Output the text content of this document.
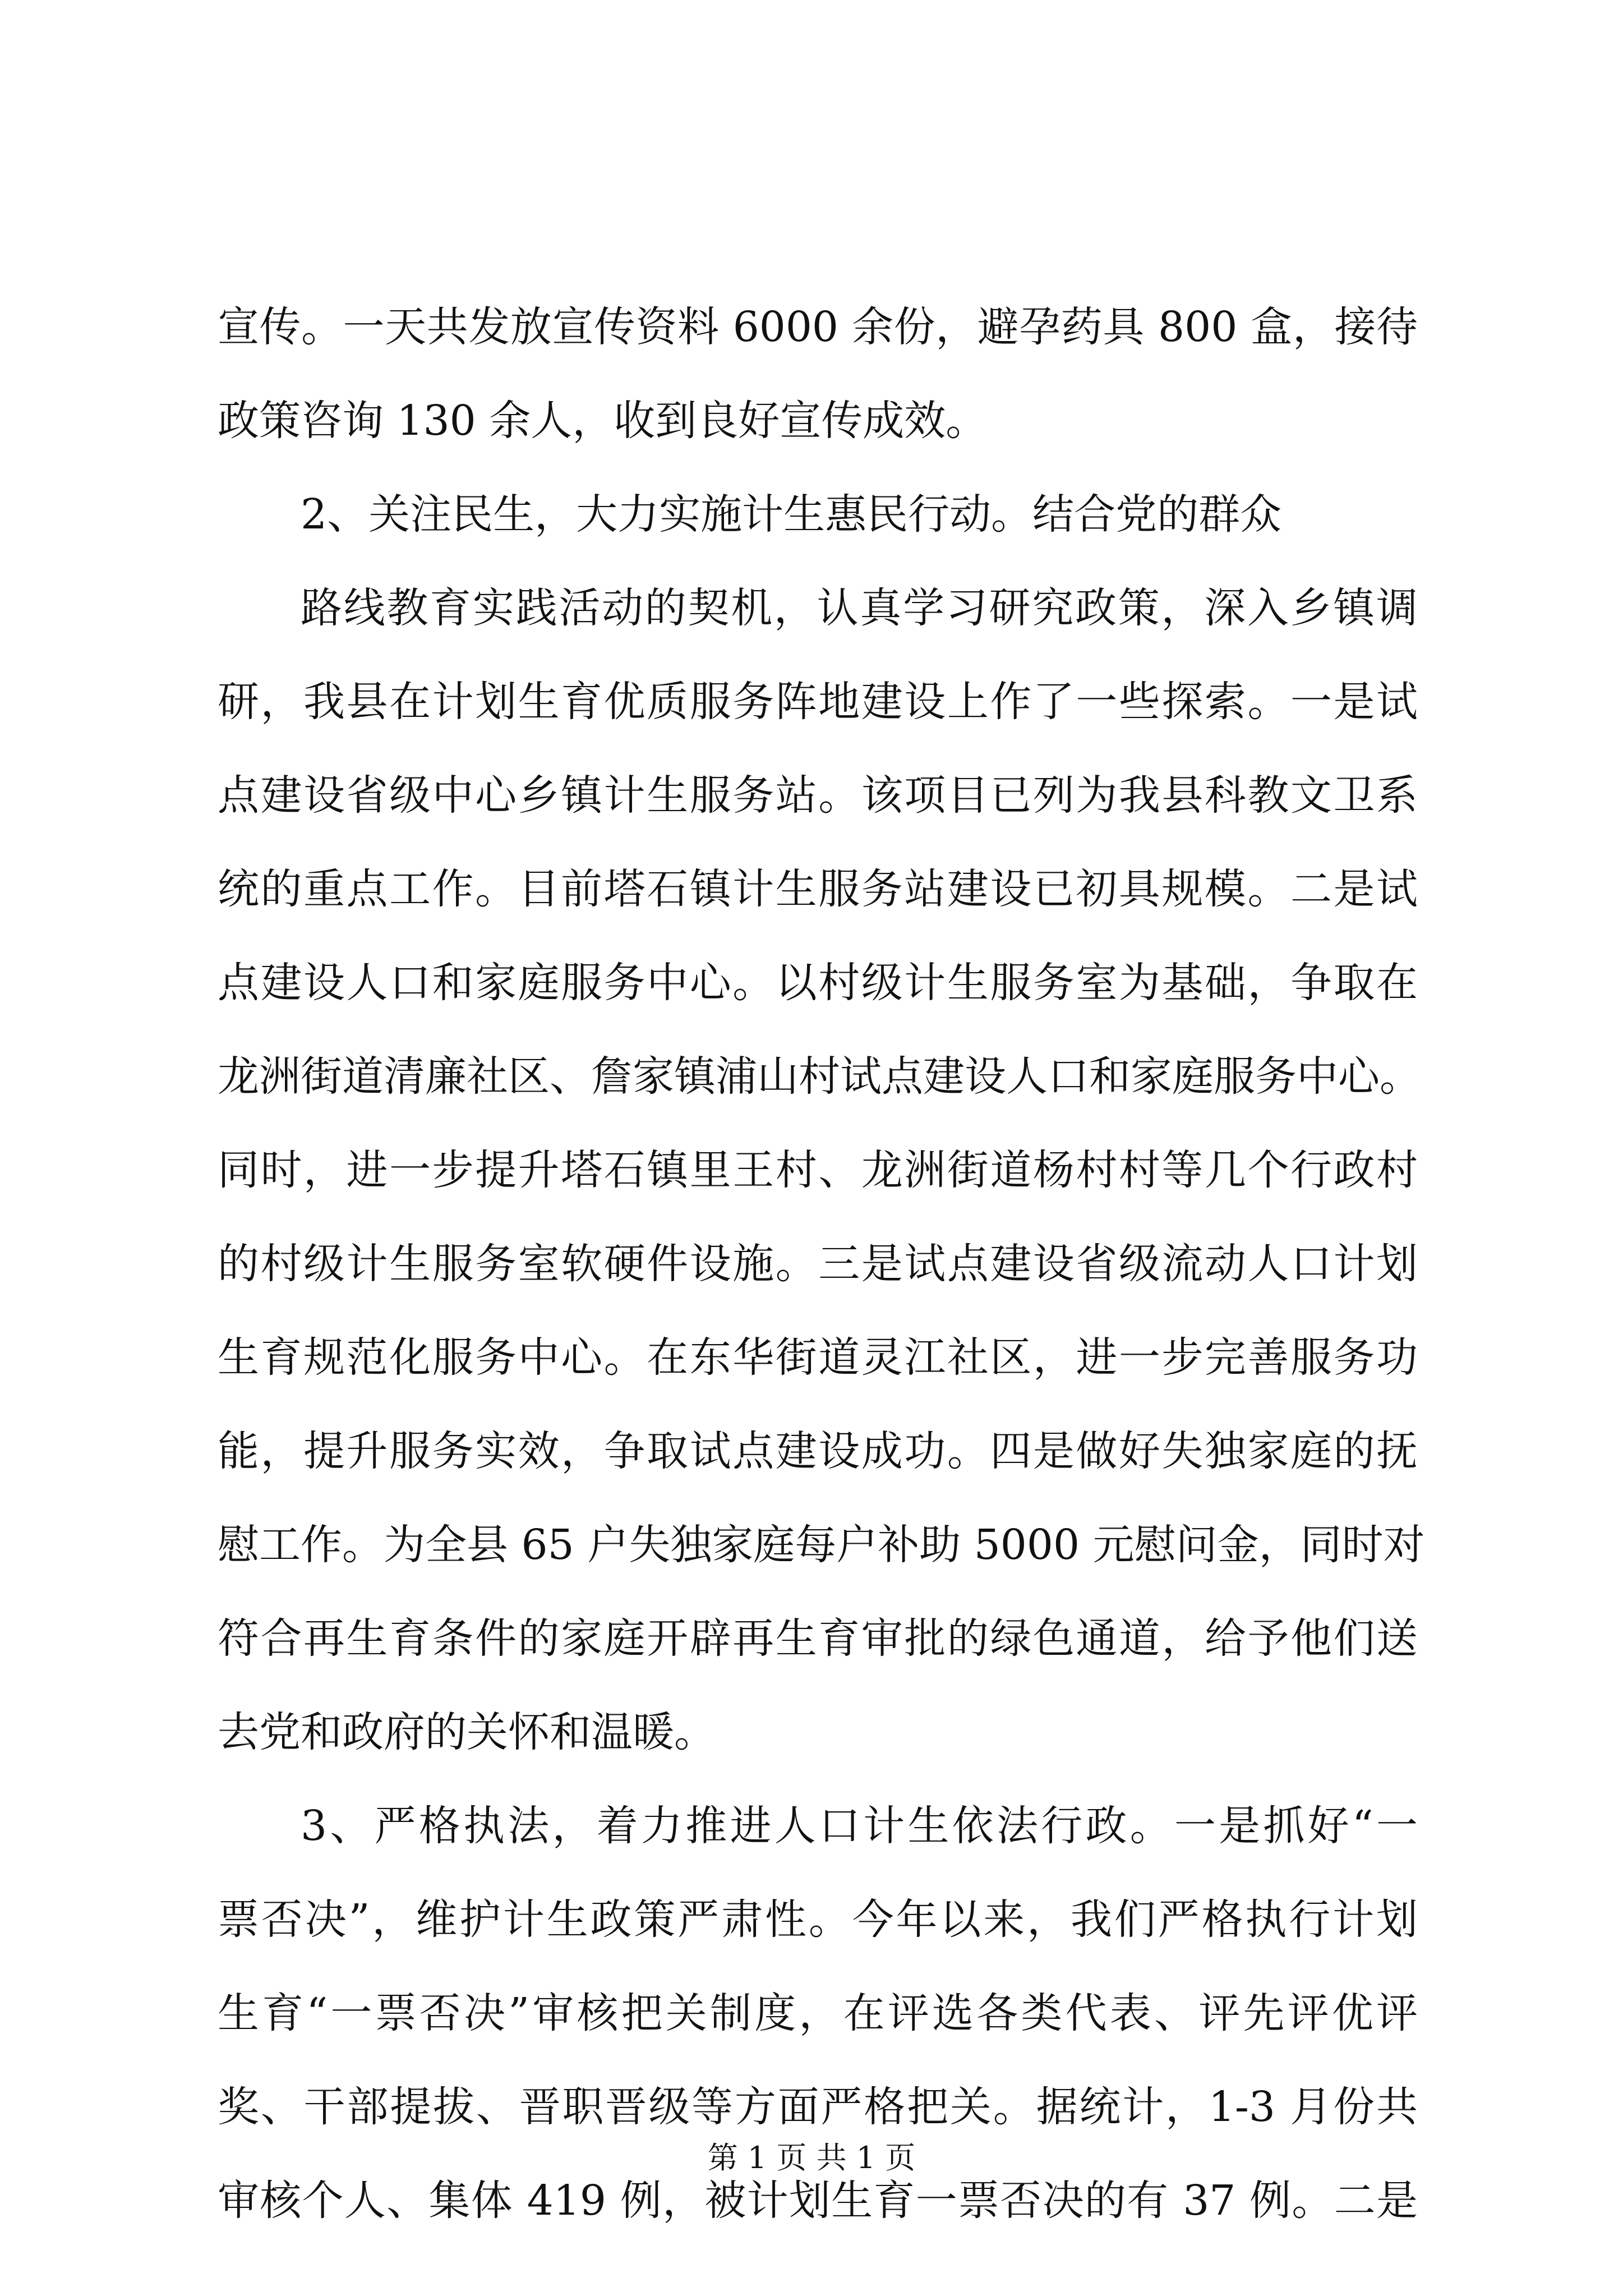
宣传。一天共发放宣传资料 6000 余份，避孕药具 800 盒，接待
政策咨询 130 余人，收到良好宣传成效。
2、关注民生，大力实施计生惠民行动。结合党的群众
路线教育实践活动的契机，认真学习研究政策，深入乡镇调
研，我县在计划生育优质服务阵地建设上作了一些探索。一是试
点建设省级中心乡镇计生服务站。该项目已列为我县科教文卫系
统的重点工作。目前塔石镇计生服务站建设已初具规模。二是试
点建设人口和家庭服务中心。以村级计生服务室为基础，争取在
龙洲街道清廉社区、詹家镇浦山村试点建设人口和家庭服务中心。
同时，进一步提升塔石镇里王村、龙洲街道杨村村等几个行政村
的村级计生服务室软硬件设施。三是试点建设省级流动人口计划
生育规范化服务中心。在东华街道灵江社区，进一步完善服务功
能，提升服务实效，争取试点建设成功。四是做好失独家庭的抚
慰工作。为全县 65 户失独家庭每户补助 5000 元慰问金，同时对
符合再生育条件的家庭开辟再生育审批的绿色通道，给予他们送
去党和政府的关怀和温暖。
3、严格执法，着力推进人口计生依法行政。一是抓好“一
票否决”，维护计生政策严肃性。今年以来，我们严格执行计划
生育“一票否决”审核把关制度，在评选各类代表、评先评优评
奖、干部提拔、晋职晋级等方面严格把关。据统计，1-3 月份共
审核个人、集体 419 例，被计划生育一票否决的有 37 例。二是
第 1 页 共 1 页
